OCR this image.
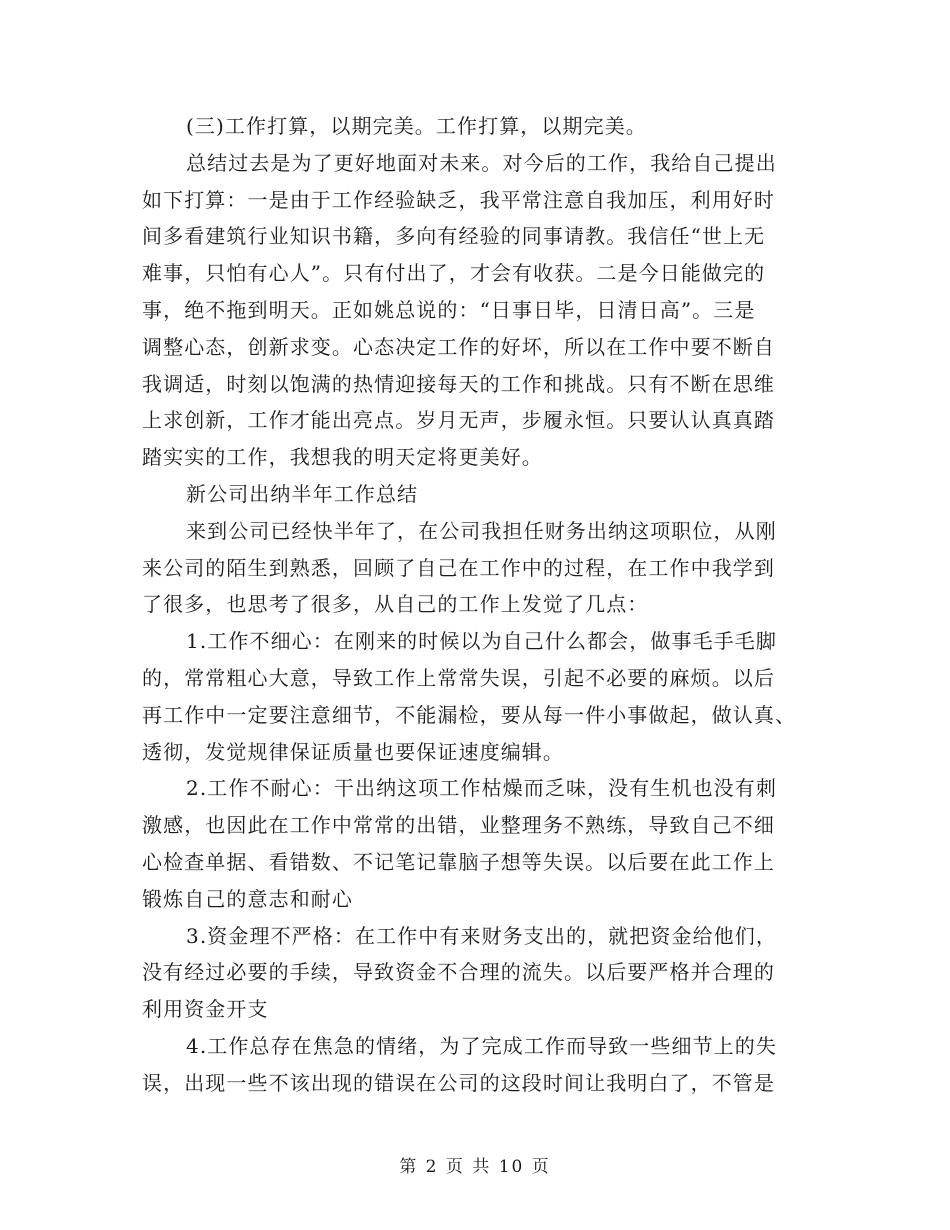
(三)工作打算，以期完美。工作打算，以期完美。

总结过去是为了更好地面对未来。对今后的工作，我给自己提出
如下打算：一是由于工作经验缺乏，我平常注意自我加压，利用好时
间多看建筑行业知识书籍，多向有经验的同事请教。我信任“世上无
难事，只怕有心人”。只有付出了，才会有收获。二是今日能做完的
事，绝不拖到明天。正如姚总说的：“日事日毕，日清日高”。三是
调整心态，创新求变。心态决定工作的好坏，所以在工作中要不断自
我调适，时刻以饱满的热情迎接每天的工作和挑战。只有不断在思维
上求创新，工作才能出亮点。岁月无声，步履永恒。只要认认真真踏
踏实实的工作，我想我的明天定将更美好。

新公司出纳半年工作总结

来到公司已经快半年了，在公司我担任财务出纳这项职位，从刚
来公司的陌生到熟悉，回顾了自己在工作中的过程，在工作中我学到
了很多，也思考了很多，从自己的工作上发觉了几点：

1.工作不细心：在刚来的时候以为自己什么都会，做事毛手毛脚
的，常常粗心大意，导致工作上常常失误，引起不必要的麻烦。以后
再工作中一定要注意细节，不能漏检，要从每一件小事做起，做认真、
透彻，发觉规律保证质量也要保证速度编辑。

2.工作不耐心：干出纳这项工作枯燥而乏味，没有生机也没有刺
激感，也因此在工作中常常的出错，业整理务不熟练，导致自己不细
心检查单据、看错数、不记笔记靠脑子想等失误。以后要在此工作上
锻炼自己的意志和耐心

3.资金理不严格：在工作中有来财务支出的，就把资金给他们，
没有经过必要的手续，导致资金不合理的流失。以后要严格并合理的
利用资金开支

4.工作总存在焦急的情绪，为了完成工作而导致一些细节上的失
误，出现一些不该出现的错误在公司的这段时间让我明白了，不管是

第 2 页 共 10 页
